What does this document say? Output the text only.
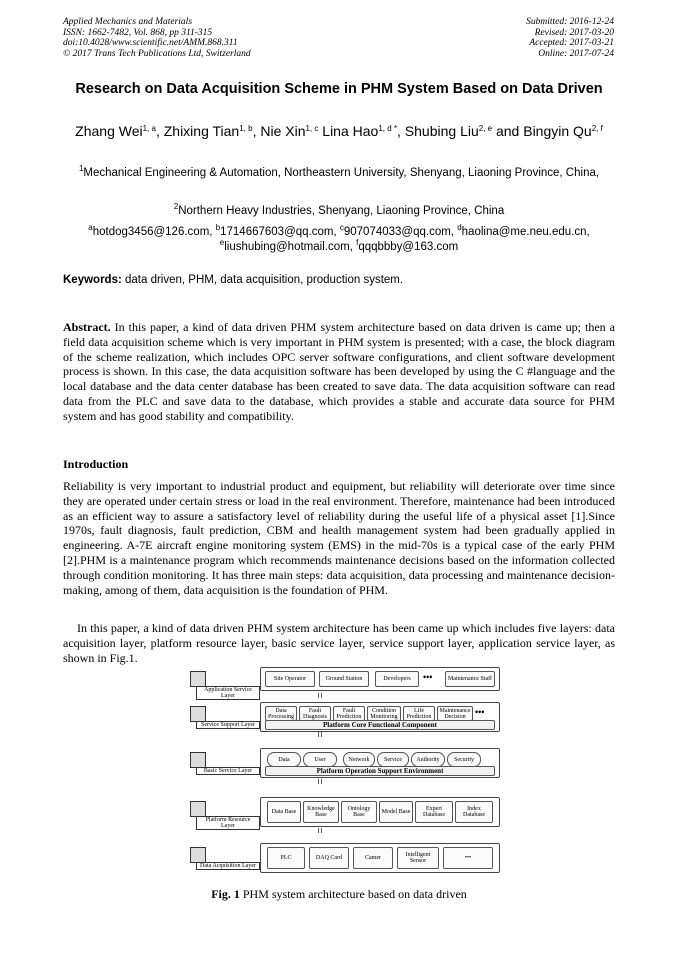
Applied Mechanics and Materials
ISSN: 1662-7482, Vol. 868, pp 311-315
doi:10.4028/www.scientific.net/AMM.868.311
© 2017 Trans Tech Publications Ltd, Switzerland
Submitted: 2016-12-24
Revised: 2017-03-20
Accepted: 2017-03-21
Online: 2017-07-24
Research on Data Acquisition Scheme in PHM System Based on Data Driven
Zhang Wei$^{1, a}$, Zhixing Tian$^{1, b}$, Nie Xin$^{1, c}$ Lina Hao$^{1, d *}$, Shubing Liu$^{2, e}$ and Bingyin Qu$^{2, f}$
$^1$Mechanical Engineering & Automation, Northeastern University, Shenyang, Liaoning Province, China,
$^2$Northern Heavy Industries, Shenyang, Liaoning Province, China
$^a$hotdog3456@126.com, $^b$1714667603@qq.com, $^c$907074033@qq.com, $^d$haolina@me.neu.edu.cn,
$^e$liushubing@hotmail.com, $^f$qqqbbby@163.com
Keywords: data driven, PHM, data acquisition, production system.
Abstract. In this paper, a kind of data driven PHM system architecture based on data driven is came up; then a field data acquisition scheme which is very important in PHM system is presented; with a case, the block diagram of the scheme realization, which includes OPC server software configurations, and client software development process is shown. In this case, the data acquisition software has been developed by using the C #language and the local database and the data center database has been created to save data. The data acquisition software can read data from the PLC and save data to the database, which provides a stable and accurate data source for PHM system and has good stability and compatibility.
Introduction
Reliability is very important to industrial product and equipment, but reliability will deteriorate over time since they are operated under certain stress or load in the real environment. Therefore, maintenance had been introduced as an efficient way to assure a satisfactory level of reliability during the useful life of a physical asset [1].Since 1970s, fault diagnosis, fault prediction, CBM and health management system had been gradually applied in engineering. A-7E aircraft engine monitoring system (EMS) in the mid-70s is a typical case of the early PHM [2].PHM is a maintenance program which recommends maintenance decisions based on the information collected through condition monitoring. It has three main steps: data acquisition, data processing and maintenance decision-making, among of them, data acquisition is the foundation of PHM.
In this paper, a kind of data driven PHM system architecture has been came up which includes five layers: data acquisition layer, platform resource layer, basic service layer, service support layer, application service layer, as shown in Fig.1.
Application Service Layer
Site Operator	Ground Station	Developers	•••	Maintenance Staff
Service Support Layer
Data Processing
Fault Diagnosis
Fault Prediction
Condition Monitoring
Life Prediction
Maintenance Decision	•••
Platform Core Functional Component
Basic Service Layer
Data	User	Network	Service	Authority	Security
Platform Operation Support Environment
Platform Resource Layer
Data Base	Knowledge Base
Ontology Base	Model Base	Expert Database
Index Database
Data Acquisition Layer
PLC	DAQ Card	Camer	Intelligent Sensor	•••
Fig. 1 PHM system architecture based on data driven
